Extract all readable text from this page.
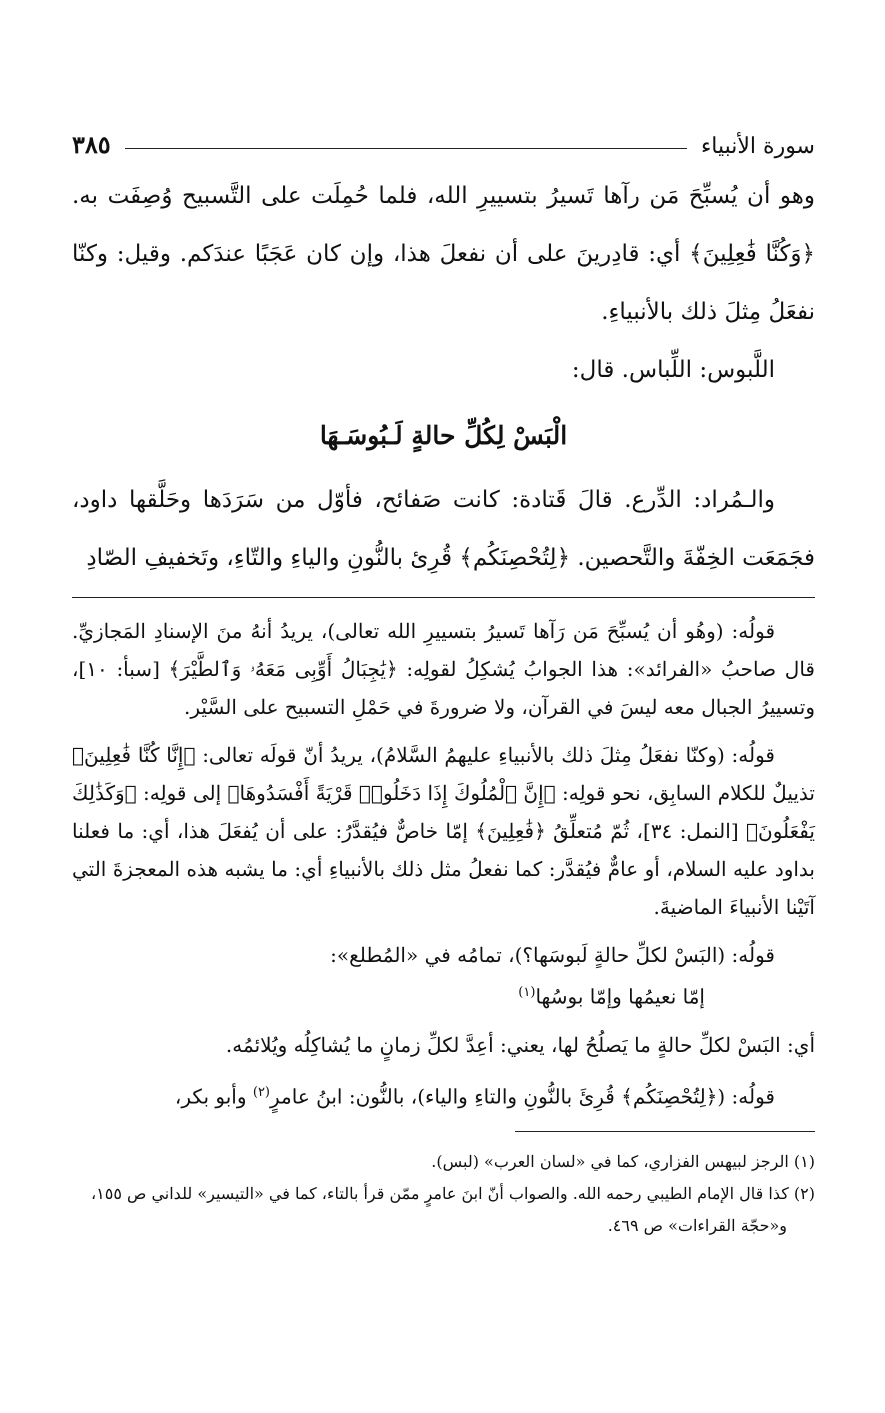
سورة الأنبياء
٣٨٥

وهو أن يُسبِّحَ مَن رآها تَسيرُ بتسييرِ الله، فلما حُمِلَت على التَّسبيح وُصِفَت به. ﴿وَكُنَّا فَٰعِلِينَ﴾ أي: قادِرينَ على أن نفعلَ هذا، وإن كان عَجَبًا عندَكم. وقيل: وكنّا نفعَلُ مِثلَ ذلك بالأنبياءِ.

اللَّبوس: اللِّباس. قال:

الْبَسْ لِكُلِّ حالةٍ لَـبُوسَـهَا

والـمُراد: الدِّرع. قالَ قَتادة: كانت صَفائح، فأوّل من سَرَدَها وحَلَّقها داود، فجَمَعَت الخِفّةَ والتَّحصين. ﴿لِتُحْصِنَكُم﴾ قُرِئ بالنُّونِ والياءِ والتّاءِ، وتَخفيفِ الصّادِ

قولُه: (وهُو أن يُسبِّحَ مَن رَآها تَسيرُ بتسييرِ الله تعالى)، يريدُ أنهُ منَ الإسنادِ المَجازيِّ. قال صاحبُ «الفرائد»: هذا الجوابُ يُشكِلُ لقولِه: ﴿يَٰجِبَالُ أَوِّبِى مَعَهُۥ وَٱلطَّيْرَ﴾ [سبأ: ١٠]، وتسييرُ الجبال معه ليسَ في القرآن، ولا ضرورةَ في حَمْلِ التسبيح على السَّيْر.

قولُه: (وكنّا نفعَلُ مِثلَ ذلك بالأنبياءِ عليهمُ السَّلامُ)، يريدُ أنّ قولَه تعالى: ﴿إِنَّا كُنَّا فَٰعِلِينَ﴾ تذييلٌ للكلام السابِق، نحو قولِه: ﴿إِنَّ ٱلْمُلُوكَ إِذَا دَخَلُوا۟ قَرْيَةً أَفْسَدُوهَا﴾ إلى قولِه: ﴿وَكَذَٰلِكَ يَفْعَلُونَ﴾ [النمل: ٣٤]، ثُمّ مُتعلِّقُ ﴿فَٰعِلِينَ﴾ إمّا خاصٌّ فيُقدَّرُ: على أن يُفعَلَ هذا، أي: ما فعلنا بداود عليه السلام، أو عامٌّ فيُقدَّر: كما نفعلُ مثل ذلك بالأنبياءِ أي: ما يشبه هذه المعجزةَ التي آتَيْنا الأنبياءَ الماضيةَ.

قولُه: (البَسْ لكلِّ حالةٍ لَبوسَها؟)، تمامُه في «المُطلع»:

إمّا نعيمُها وإمّا بوسُها$^{(١)}$

أي: البَسْ لكلِّ حالةٍ ما يَصلُحُ لها، يعني: أعِدَّ لكلِّ زمانٍ ما يُشاكِلُه ويُلائمُه.

قولُه: (﴿لِتُحْصِنَكُم﴾ قُرِئَ بالنُّونِ والتاءِ والياء)، بالنُّون: ابنُ عامرٍ$^{(٢)}$ وأبو بكر،

(١) الرجز لبيهس الفزاري، كما في «لسان العرب» (لبس).

(٢) كذا قال الإمام الطيبي رحمه الله. والصواب أنّ ابنَ عامرٍ ممّن قرأ بالتاء، كما في «التيسير» للداني ص ١٥٥،

و«حجّة القراءات» ص ٤٦٩.
